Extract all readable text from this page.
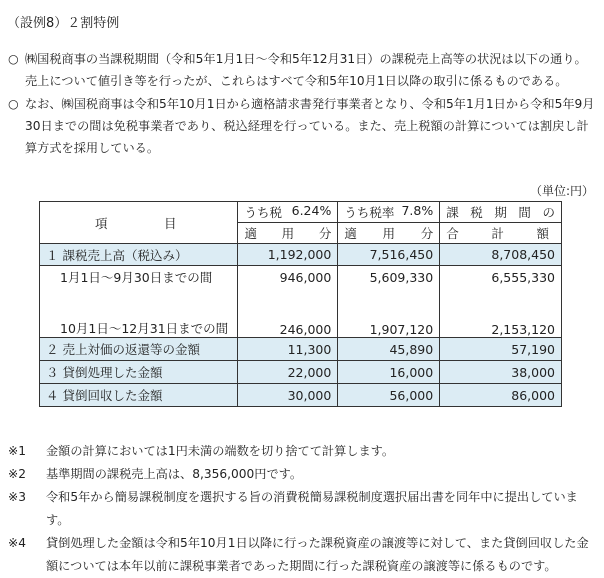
（設例8）２割特例
○ ㈱国税商事の当課税期間（令和5年1月1日～令和5年12月31日）の課税売上高等の状況は以下の通り。売上について値引き等を行ったが、これらはすべて令和5年10月1日以降の取引に係るものである。
○ なお、㈱国税商事は令和5年10月1日から適格請求書発行事業者となり、令和5年1月1日から令和5年9月30日までの間は免税事業者であり、税込経理を行っている。また、売上税額の計算については割戻し計算方式を採用している。
（単位:円）
項　目	うち税 6.24%	うち税率 7.8%	課 税 期 間 の

	適 用 分	適 用 分	合 計 額

１ 課税売上高（税込み）	1,192,000	7,516,450	8,708,450
1月1日～9月30日までの間	946,000	5,609,330	6,555,330
10月1日～12月31日までの間	246,000	1,907,120	2,153,120
２ 売上対価の返還等の金額	11,300	45,890	57,190
３ 貸倒処理した金額	22,000	16,000	38,000
４ 貸倒回収した金額	30,000	56,000	86,000
※1 金額の計算においては1円未満の端数を切り捨てて計算します。
※2 基準期間の課税売上高は、8,356,000円です。
※3 令和5年から簡易課税制度を選択する旨の消費税簡易課税制度選択届出書を同年中に提出しています。
※4 貸倒処理した金額は令和5年10月1日以降に行った課税資産の譲渡等に対して、また貸倒回収した金額については本年以前に課税事業者であった期間に行った課税資産の譲渡等に係るものです。
